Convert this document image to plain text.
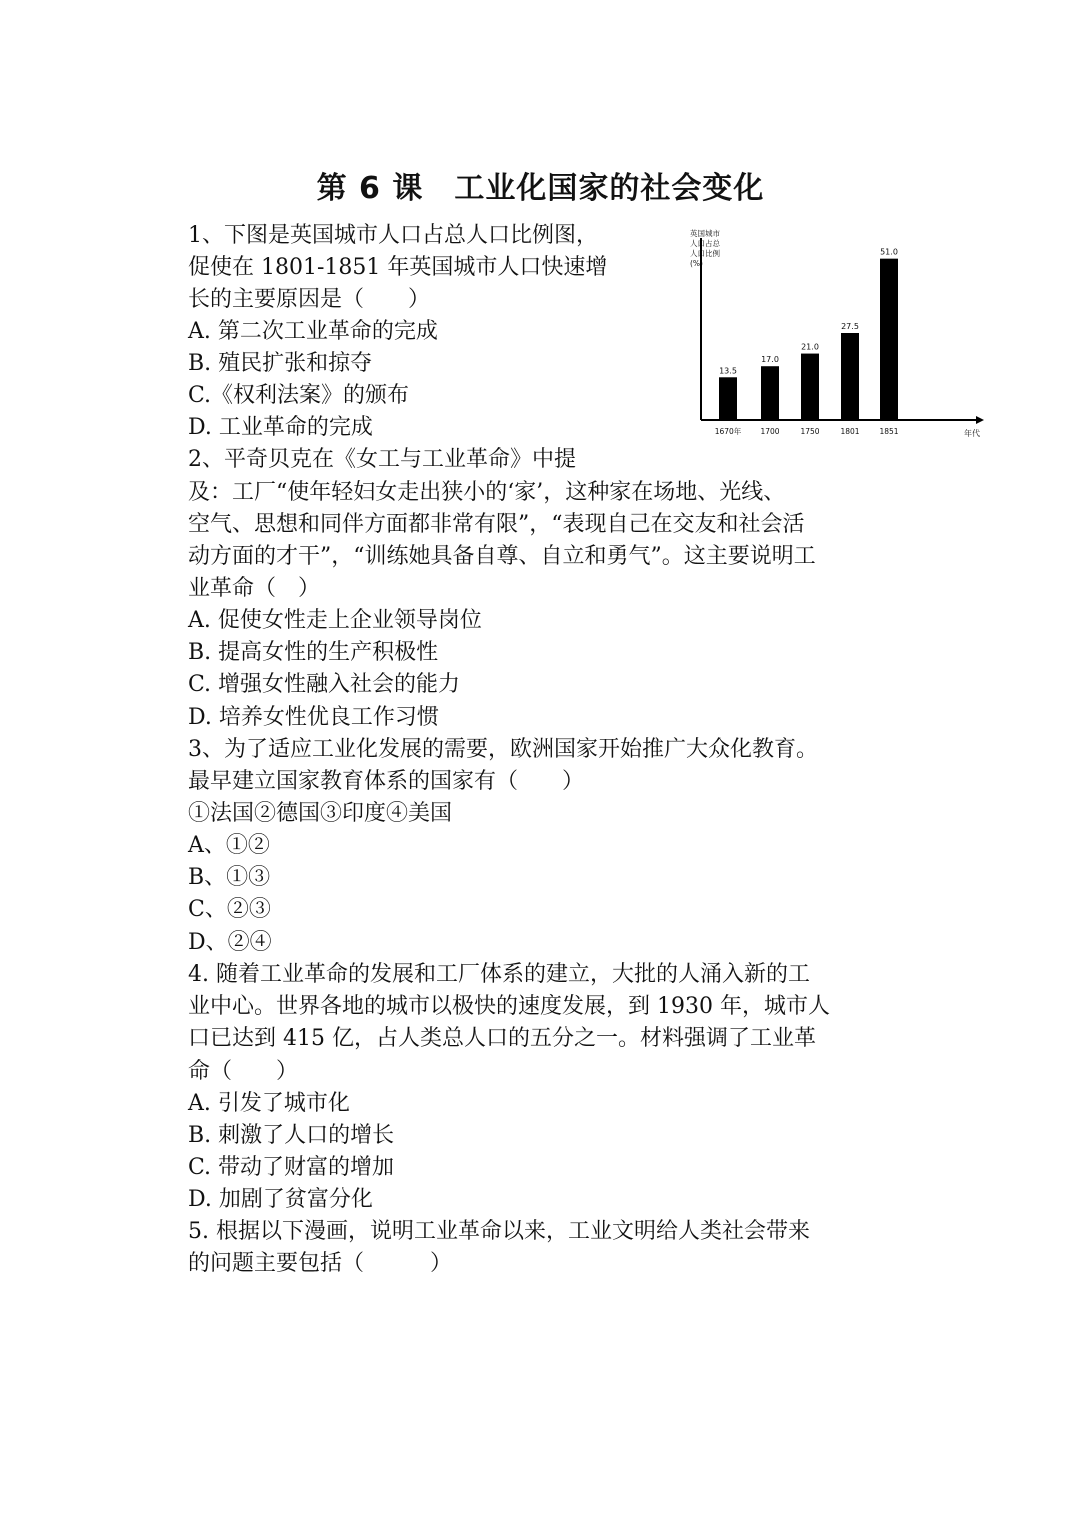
第 6 课　工业化国家的社会变化

1、下图是英国城市人口占总人口比例图，

促使在 1801-1851 年英国城市人口快速增

长的主要原因是（　　）

A. 第二次工业革命的完成

B. 殖民扩张和掠夺

C.《权利法案》的颁布

D. 工业革命的完成

2、平奇贝克在《女工与工业革命》中提

及：工厂“使年轻妇女走出狭小的‘家’，这种家在场地、光线、

空气、思想和同伴方面都非常有限”，“表现自己在交友和社会活

动方面的才干”，“训练她具备自尊、自立和勇气”。这主要说明工

业革命（　）

A. 促使女性走上企业领导岗位

B. 提高女性的生产积极性

C. 增强女性融入社会的能力

D. 培养女性优良工作习惯

3、为了适应工业化发展的需要，欧洲国家开始推广大众化教育。

最早建立国家教育体系的国家有（　　）

①法国②德国③印度④美国

A、①②

B、①③

C、②③

D、②④

4. 随着工业革命的发展和工厂体系的建立，大批的人涌入新的工

业中心。世界各地的城市以极快的速度发展，到 1930 年，城市人

口已达到 415 亿，占人类总人口的五分之一。材料强调了工业革

命（　　）

A. 引发了城市化

B. 刺激了人口的增长

C. 带动了财富的增加

D. 加剧了贫富分化

5. 根据以下漫画，说明工业革命以来，工业文明给人类社会带来

的问题主要包括（　　　）

英国城市
人口占总
人口比例
(%)
13.5
1670年
17.0
1700
21.0
1750
27.5
1801
51.0
1851	年代
